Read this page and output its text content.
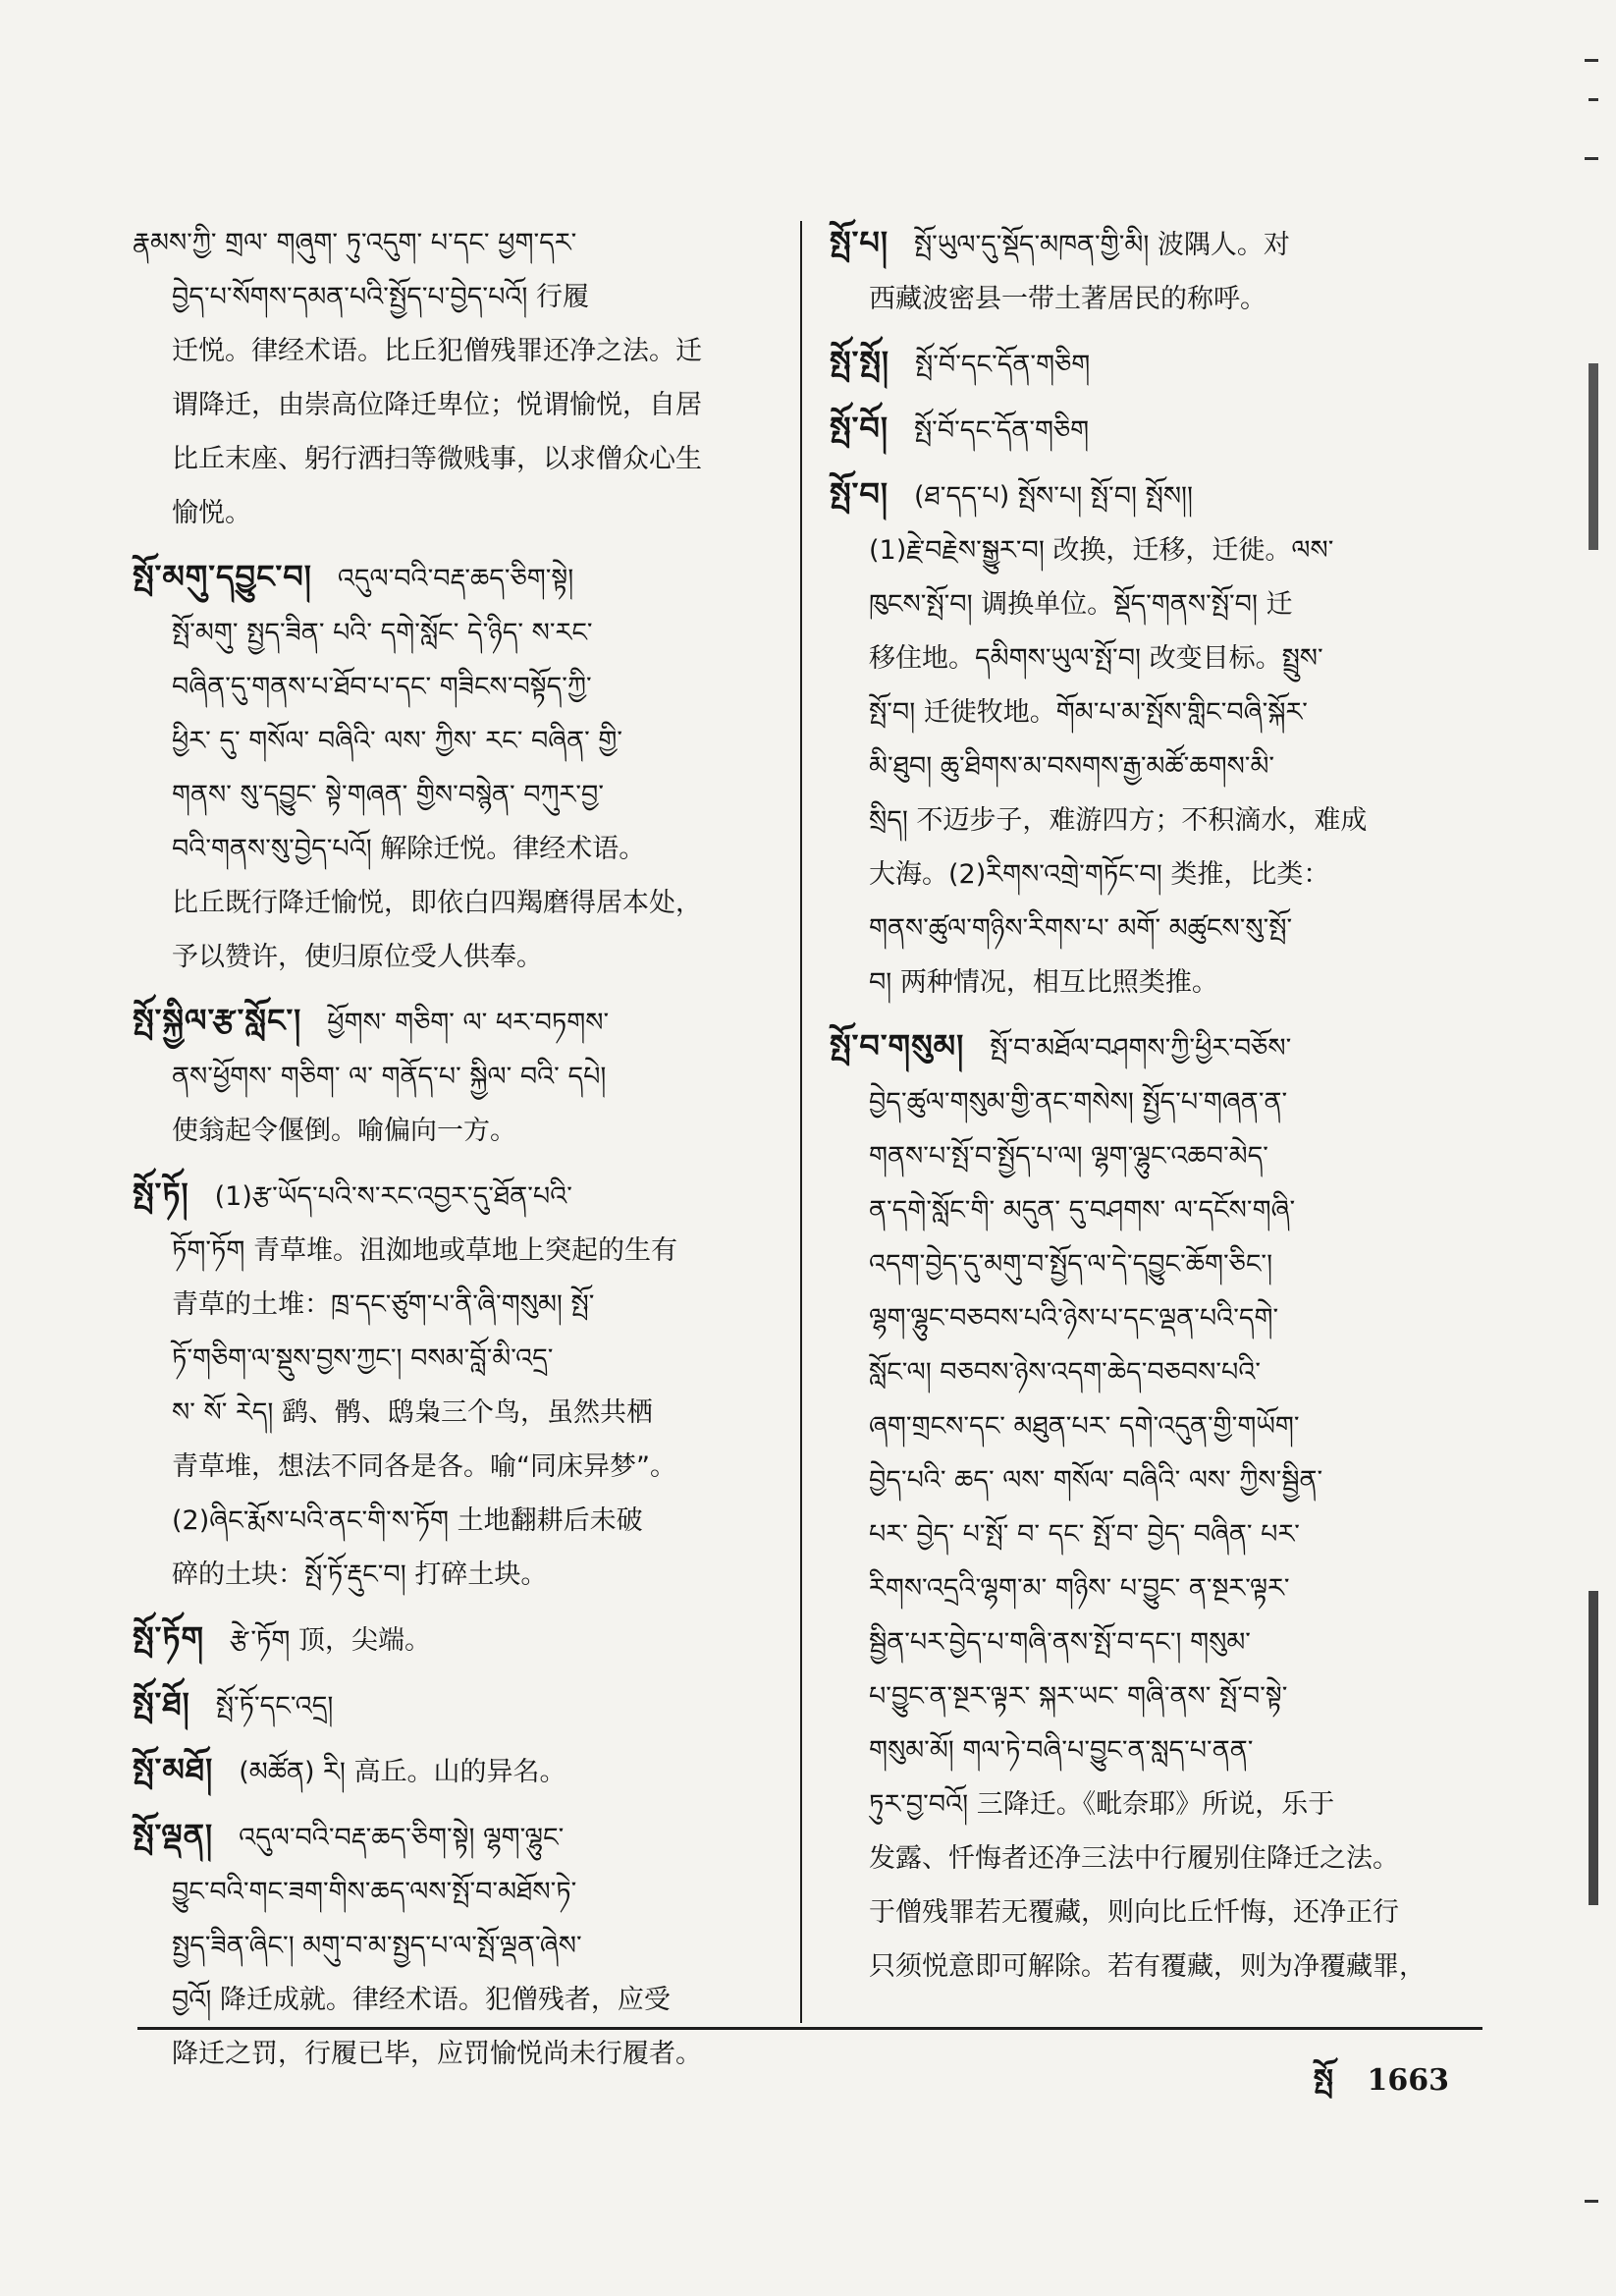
རྣམས་ཀྱི་ གྲལ་ གཞུག་ ཏུ་འདུག་ པ་དང་ ཕྱག་དར་
བྱེད་པ་སོགས་དམན་པའི་སྤྱོད་པ་བྱེད་པའོ། 行履
迁悦。律经术语。比丘犯僧残罪还净之法。迁
谓降迁，由崇高位降迁卑位；悦谓愉悦，自居
比丘末座、躬行洒扫等微贱事，以求僧众心生
愉悦。
སྤོ་མགུ་དབྱུང་བ། འདུལ་བའི་བརྡ་ཆད་ཅིག་སྟེ།
སྤོ་མགུ་ སྤྱད་ཟིན་ པའི་ དགེ་སློང་ དེ་ཉིད་ ས་རང་
བཞིན་དུ་གནས་པ་ཐོབ་པ་དང་ གཟིངས་བསྟོད་ཀྱི་
ཕྱིར་ དུ་ གསོལ་ བཞིའི་ ལས་ ཀྱིས་ རང་ བཞིན་ གྱི་
གནས་ སུ་དབྱུང་ སྟེ་གཞན་ གྱིས་བསྙེན་ བཀུར་བྱ་
བའི་གནས་སུ་བྱེད་པའོ། 解除迁悦。律经术语。
比丘既行降迁愉悦，即依白四羯磨得居本处，
予以赞许，使归原位受人供奉。
སྤོ་སྐྱིལ་རྩ་སློང་། ཕྱོགས་ གཅིག་ ལ་ ཕར་བཏགས་
ནས་ཕྱོགས་ གཅིག་ ལ་ གནོད་པ་ སྐྱིལ་ བའི་ དཔེ།
使翁起令偃倒。喻偏向一方。
སྤོ་ཏོ། (1)རྩ་ཡོད་པའི་ས་རང་འབྱར་དུ་ཐོན་པའི་
ཏོག་ཏོག 青草堆。沮洳地或草地上突起的生有
青草的土堆：ཁྲ་དང་ཙུག་པ་ནི་ཞི་གསུམ། སྤོ་
ཏོ་གཅིག་ལ་སྡུས་བྱས་ཀྱང་། བསམ་བློ་མི་འདྲ་
ས་ སོ་ རེད། 鹞、鹘、鸱枭三个鸟，虽然共栖
青草堆，想法不同各是各。喻“同床异梦”。
(2)ཞིང་རྨོས་པའི་ནང་གི་ས་ཏོག 土地翻耕后未破
碎的土块：སྤོ་ཏོ་རྡུང་བ། 打碎土块。
སྤོ་ཏོག རྩེ་ཏོག 顶，尖端。
སྤོ་ཐོ། སྤོ་ཏོ་དང་འདྲ།
སྤོ་མཐོ། (མཚོན) རི། 高丘。山的异名。
སྤོ་ལྡན། འདུལ་བའི་བརྡ་ཆད་ཅིག་སྟེ། ལྷག་ལྷུང་
བྱུང་བའི་གང་ཟག་གིས་ཆད་ལས་སྤོ་བ་མཐོས་ཏེ་
སྤྱད་ཟིན་ཞིང་། མགུ་བ་མ་སྤྱད་པ་ལ་སྤོ་ལྡན་ཞེས་
བྱའོ། 降迁成就。律经术语。犯僧残者，应受
降迁之罚，行履已毕，应罚愉悦尚未行履者。
སྤོ་པ། སྤོ་ཡུལ་དུ་སྡོད་མཁན་གྱི་མི། 波隅人。对
西藏波密县一带土著居民的称呼。
སྤོ་སྤོ། སྤོ་བོ་དང་དོན་གཅིག
སྤོ་བོ། སྤོ་བོ་དང་དོན་གཅིག
སྤོ་བ། (ཐ་དད་པ) སྤོས་པ། སྤོ་བ། སྤོས།།
(1)རྗེ་བརྗེས་སྒྱུར་བ། 改换，迁移，迁徙。ལས་
ཁུངས་སྤོ་བ། 调换单位。སྡོད་གནས་སྤོ་བ། 迁
移住地。དམིགས་ཡུལ་སྤོ་བ། 改变目标。སྤྲུས་
སྤོ་བ། 迁徙牧地。གོམ་པ་མ་སྤོས་གླིང་བཞི་སྐོར་
མི་ཐུབ། ཆུ་ཐིགས་མ་བསགས་རྒྱ་མཚོ་ཆགས་མི་
སྲིད། 不迈步子，难游四方；不积滴水，难成
大海。(2)རིགས་འགྲེ་གཏོང་བ། 类推，比类：
གནས་ཚུལ་གཉིས་རིགས་པ་ མགོ་ མཚུངས་སུ་སྤོ་
བ། 两种情况，相互比照类推。
སྤོ་བ་གསུམ། སྤོ་བ་མཐོལ་བཤགས་ཀྱི་ཕྱིར་བཅོས་
བྱེད་ཚུལ་གསུམ་གྱི་ནང་གསེས། སྤྱོད་པ་གཞན་ན་
གནས་པ་སྤོ་བ་སྤྱོད་པ་ལ། ལྷག་ལྷུང་འཆབ་མེད་
ན་དགེ་སློང་གི་ མདུན་ དུ་བཤགས་ ལ་དངོས་གཞི་
འདག་བྱེད་དུ་མགུ་བ་སྤྱོད་ལ་དེ་དབྱུང་ཆོག་ཅིང་།
ལྷག་ལྷུང་བཅབས་པའི་ཉེས་པ་དང་ལྡན་པའི་དགེ་
སློང་ལ། བཅབས་ཉེས་འདག་ཆེད་བཅབས་པའི་
ཞག་གྲངས་དང་ མཐུན་པར་ དགེ་འདུན་གྱི་གཡོག་
བྱེད་པའི་ ཆད་ ལས་ གསོལ་ བཞིའི་ ལས་ ཀྱིས་སྦྱིན་
པར་ བྱེད་ པ་སྤོ་ བ་ དང་ སྤོ་བ་ བྱེད་ བཞིན་ པར་
རིགས་འདྲའི་ལྷག་མ་ གཉིས་ པ་བྱུང་ ན་སྔར་ལྟར་
སྦྱིན་པར་བྱེད་པ་གཞི་ནས་སྤོ་བ་དང་། གསུམ་
པ་བྱུང་ན་སྔར་ལྟར་ སྐར་ཡང་ གཞི་ནས་ སྤོ་བ་སྟེ་
གསུམ་མོ། གལ་ཏེ་བཞི་པ་བྱུང་ན་སླད་པ་ནན་
ཏུར་བྱ་བའོ། 三降迁。《毗奈耶》所说，乐于
发露、忏悔者还净三法中行履别住降迁之法。
于僧残罪若无覆藏，则向比丘忏悔，还净正行
只须悦意即可解除。若有覆藏，则为净覆藏罪，
སྤོ 1663
